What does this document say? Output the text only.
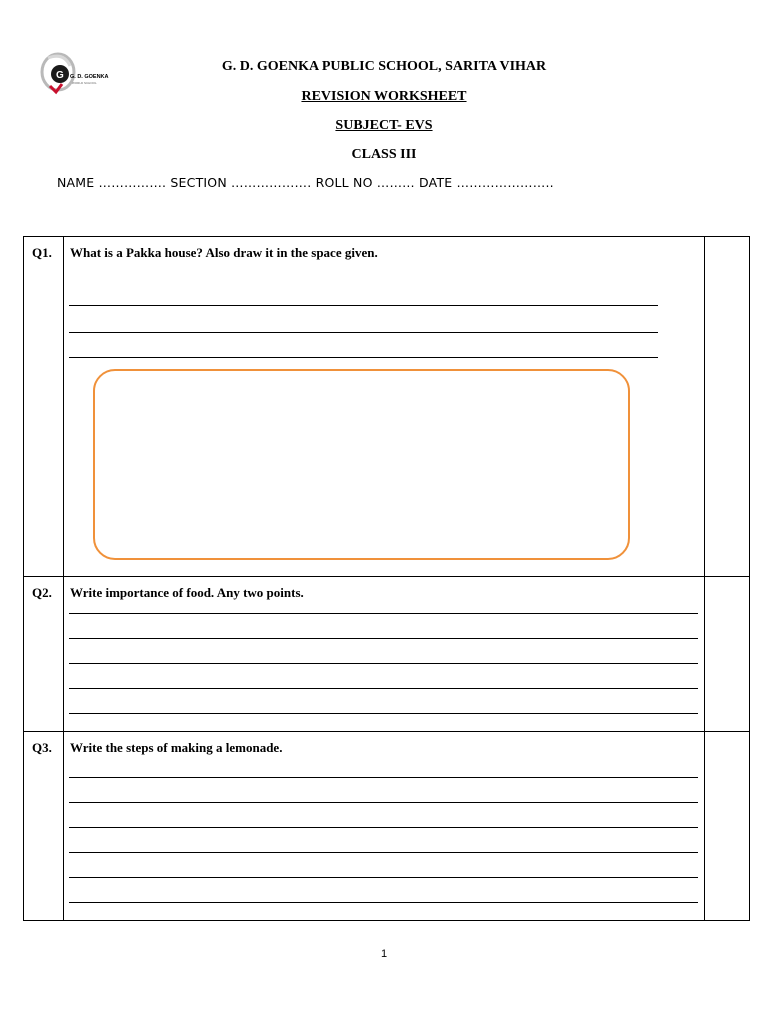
G G. D. GOENKA
WORLD SCHOOL
G. D. GOENKA PUBLIC SCHOOL, SARITA VIHAR
REVISION WORKSHEET
SUBJECT- EVS
CLASS III
NAME ……………. SECTION ………………. ROLL NO ……… DATE …………………..
Q1.	What is a Pakka house? Also draw it in the space given.	

Q2.	Write importance of food. Any two points.	

Q3.	Write the steps of making a lemonade.	

1
